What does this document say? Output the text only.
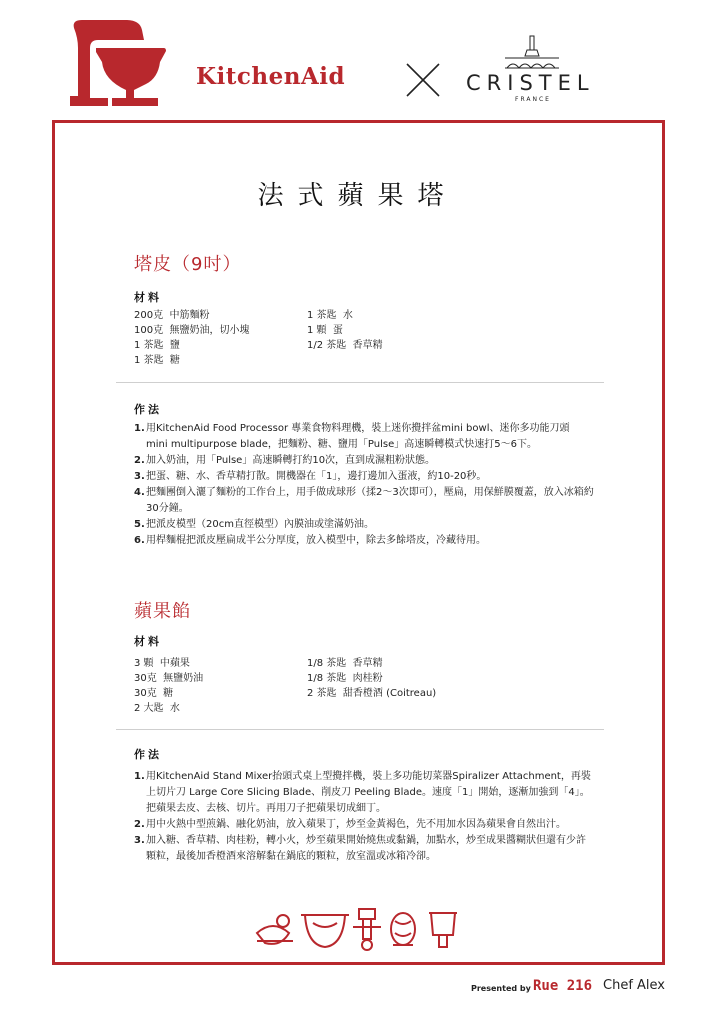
KitchenAid	CRISTEL
FRANCE
法式蘋果塔
塔皮（9吋）
材料
200克  中筋麵粉
100克  無鹽奶油，切小塊
1 茶匙  鹽
1 茶匙  糖
1 茶匙  水
1 顆  蛋
1/2 茶匙  香草精
作法
1. 用KitchenAid Food Processor 專業食物料理機，裝上迷你攪拌盆mini bowl、迷你多功能刀頭 mini multipurpose blade，把麵粉、糖、鹽用「Pulse」高速瞬轉模式快速打5～6下。
2. 加入奶油，用「Pulse」高速瞬轉打約10次，直到成濕粗粉狀態。
3. 把蛋、糖、水、香草精打散。開機器在「1」，邊打邊加入蛋液，約10-20秒。
4. 把麵團倒入灑了麵粉的工作台上，用手做成球形（揉2～3次即可），壓扁，用保鮮膜覆蓋，放入冰箱約30分鐘。
5. 把派皮模型（20cm直徑模型）內膜油或塗滿奶油。
6. 用桿麵棍把派皮壓扁成半公分厚度，放入模型中，除去多餘塔皮，冷藏待用。
蘋果餡
材料
3 顆  中蘋果
30克  無鹽奶油
30克  糖
2 大匙  水
1/8 茶匙  香草精
1/8 茶匙  肉桂粉
2 茶匙  甜香橙酒 (Coitreau)
作法
1. 用KitchenAid Stand Mixer抬頭式桌上型攪拌機，裝上多功能切菜器Spiralizer Attachment，再裝上切片刀 Large Core Slicing Blade、削皮刀 Peeling Blade。速度「1」開始，逐漸加強到「4」。把蘋果去皮、去核、切片。再用刀子把蘋果切成細丁。
2. 用中火熱中型煎鍋、融化奶油，放入蘋果丁，炒至金黃褐色，先不用加水因為蘋果會自然出汁。
3. 加入糖、香草精、肉桂粉，轉小火，炒至蘋果開始燒焦或黏鍋，加點水，炒至成果醬糊狀但還有少許顆粒，最後加香橙酒來溶解黏在鍋底的顆粒，放室溫或冰箱冷卻。
Presented by Rue 216 Chef Alex
